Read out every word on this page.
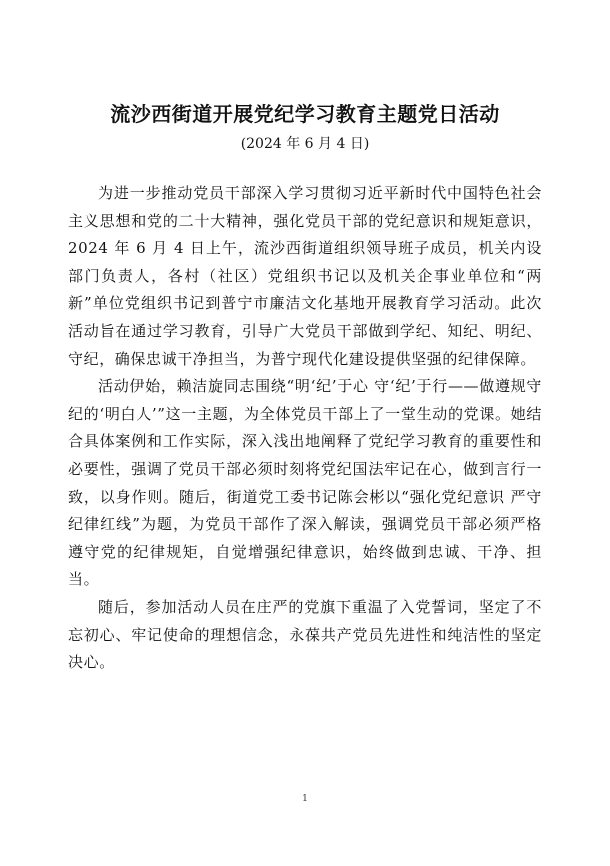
流沙西街道开展党纪学习教育主题党日活动
(2024 年 6 月 4 日)

为进一步推动党员干部深入学习贯彻习近平新时代中国特色社会主义思想和党的二十大精神，强化党员干部的党纪意识和规矩意识，2024 年 6 月 4 日上午，流沙西街道组织领导班子成员，机关内设部门负责人，各村（社区）党组织书记以及机关企事业单位和“两新”单位党组织书记到普宁市廉洁文化基地开展教育学习活动。此次活动旨在通过学习教育，引导广大党员干部做到学纪、知纪、明纪、守纪，确保忠诚干净担当，为普宁现代化建设提供坚强的纪律保障。

活动伊始，赖洁旋同志围绕“明‘纪’于心 守‘纪’于行——做遵规守纪的‘明白人’”这一主题，为全体党员干部上了一堂生动的党课。她结合具体案例和工作实际，深入浅出地阐释了党纪学习教育的重要性和必要性，强调了党员干部必须时刻将党纪国法牢记在心，做到言行一致，以身作则。随后，街道党工委书记陈会彬以“强化党纪意识 严守纪律红线”为题，为党员干部作了深入解读，强调党员干部必须严格遵守党的纪律规矩，自觉增强纪律意识，始终做到忠诚、干净、担当。

随后，参加活动人员在庄严的党旗下重温了入党誓词，坚定了不忘初心、牢记使命的理想信念，永葆共产党员先进性和纯洁性的坚定决心。

1
